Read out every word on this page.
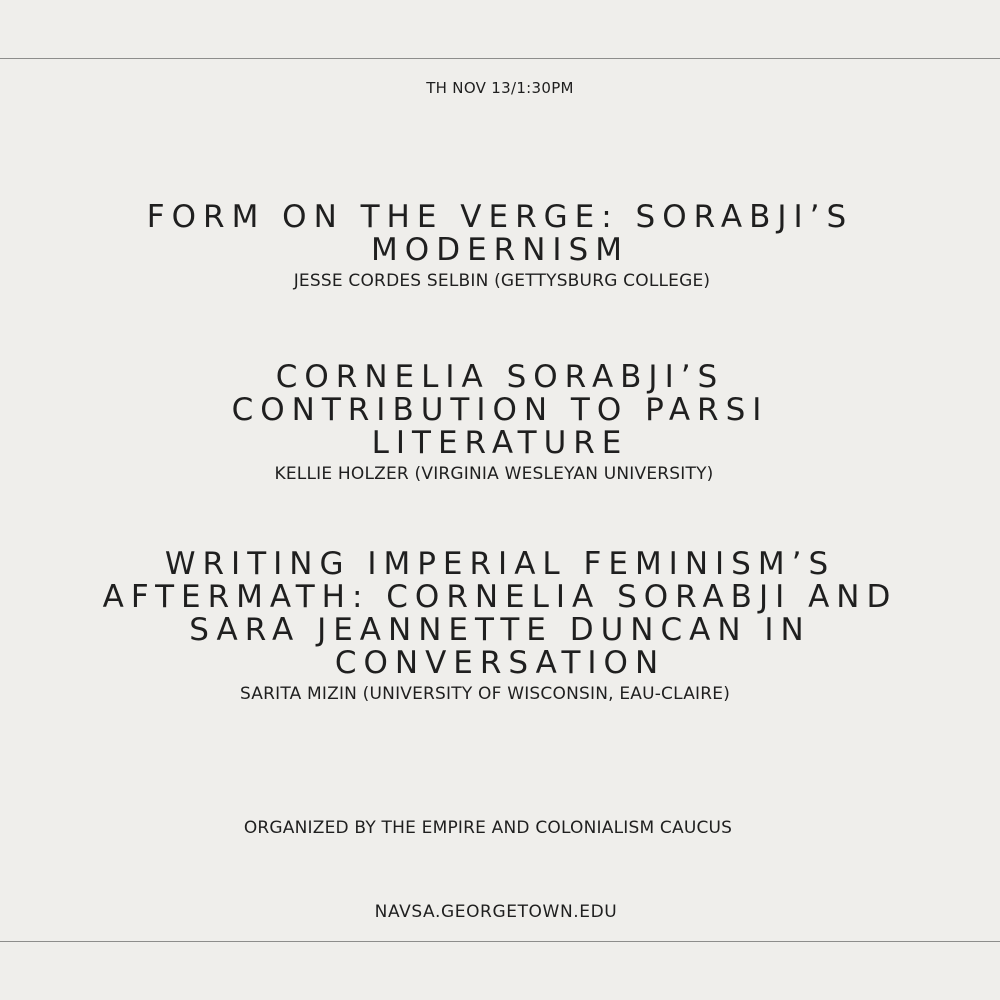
TH NOV 13/1:30PM
FORM ON THE VERGE: SORABJI’S MODERNISM
JESSE CORDES SELBIN (GETTYSBURG COLLEGE)
CORNELIA SORABJI’S CONTRIBUTION TO PARSI LITERATURE
KELLIE HOLZER (VIRGINIA WESLEYAN UNIVERSITY)
WRITING IMPERIAL FEMINISM’S AFTERMATH: CORNELIA SORABJI AND SARA JEANNETTE DUNCAN IN CONVERSATION
SARITA MIZIN (UNIVERSITY OF WISCONSIN, EAU-CLAIRE)
ORGANIZED BY THE EMPIRE AND COLONIALISM CAUCUS
NAVSA.GEORGETOWN.EDU
